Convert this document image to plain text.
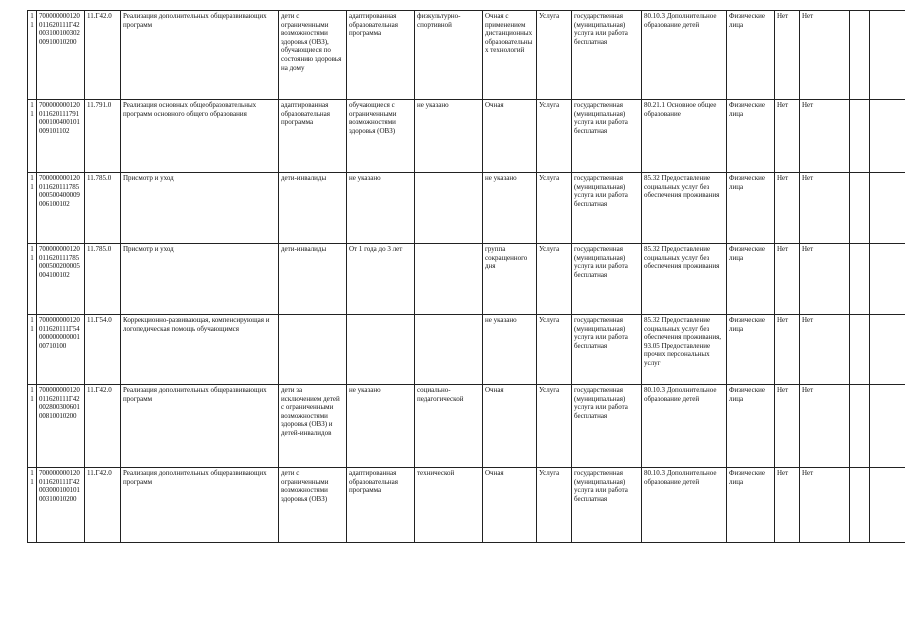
11	700000000120011620111Г4200310010030200910010200	11.Г42.0	Реализация дополнительных общеразвивающих программ	дети с ограниченными возможностями здоровья (ОВЗ), обучающиеся по состоянию здоровья на дому	адаптированная образовательная программа	физкультурно-спортивной	Очная с применением дистанционных образовательных технологий	Услуга	государственная (муниципальная) услуга или работа бесплатная	80.10.3 Дополнительное образование детей	Физические лица	Нет	Нет		
11	700000000120011620111791000100400101009101102	11.791.0	Реализация основных общеобразовательных программ основного общего образования	адаптированная образовательная программа	обучающиеся с ограниченными возможностями здоровья (ОВЗ)	не указано	Очная	Услуга	государственная (муниципальная) услуга или работа бесплатная	80.21.1 Основное общее образование	Физические лица	Нет	Нет		
11	700000000120011620111785000500400009006100102	11.785.0	Присмотр и уход	дети-инвалиды	не указано		не указано	Услуга	государственная (муниципальная) услуга или работа бесплатная	85.32 Предоставление социальных услуг без обеспечения проживания	Физические лица	Нет	Нет		
11	700000000120011620111785000500200005004100102	11.785.0	Присмотр и уход	дети-инвалиды	От 1 года до 3 лет		группа сокращенного дня	Услуга	государственная (муниципальная) услуга или работа бесплатная	85.32 Предоставление социальных услуг без обеспечения проживания	Физические лица	Нет	Нет		
11	700000000120011620111Г5400000000000100710100	11.Г54.0	Коррекционно-развивающая, компенсирующая и логопедическая помощь обучающимся				не указано	Услуга	государственная (муниципальная) услуга или работа бесплатная	85.32 Предоставление социальных услуг без обеспечения проживания, 93.05 Предоставление прочих персональных услуг	Физические лица	Нет	Нет		
11	700000000120011620111Г4200280030060100810010200	11.Г42.0	Реализация дополнительных общеразвивающих программ	дети за исключением детей с ограниченными возможностями здоровья (ОВЗ) и детей-инвалидов	не указано	социально-педагогической	Очная	Услуга	государственная (муниципальная) услуга или работа бесплатная	80.10.3 Дополнительное образование детей	Физические лица	Нет	Нет		
11	700000000120011620111Г4200300010010100310010200	11.Г42.0	Реализация дополнительных общеразвивающих программ	дети с ограниченными возможностями здоровья (ОВЗ)	адаптированная образовательная программа	технической	Очная	Услуга	государственная (муниципальная) услуга или работа бесплатная	80.10.3 Дополнительное образование детей	Физические лица	Нет	Нет		
